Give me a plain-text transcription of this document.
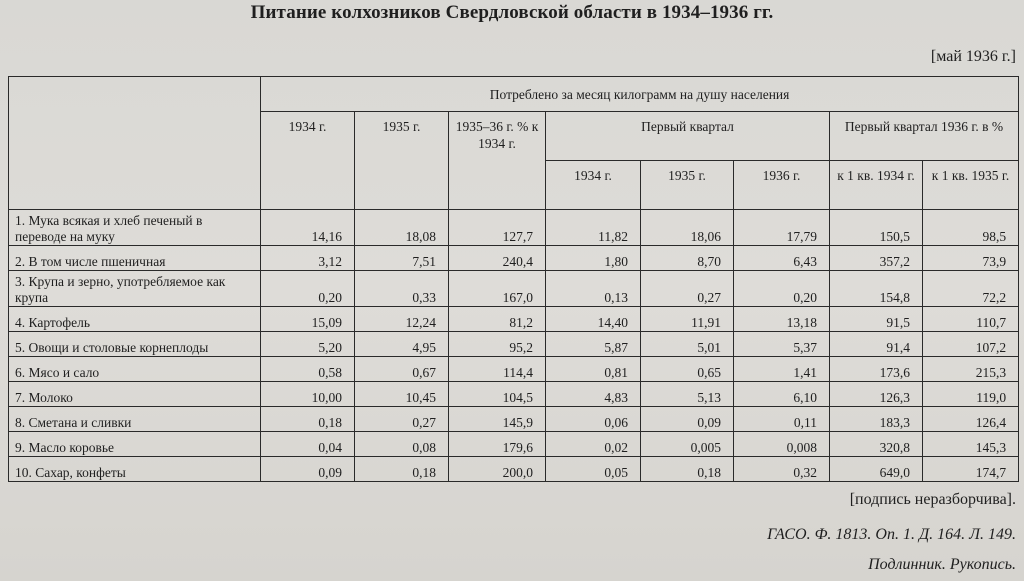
Питание колхозников Свердловской области в 1934–1936 гг.
[май 1936 г.]
	Потреблено за месяц килограмм на душу населения							
	1934 г.	1935 г.	1935–36 г. % к 1934 г.	Первый квартал			Первый квартал 1936 г. в %	
				1934 г.	1935 г.	1936 г.	к 1 кв. 1934 г.	к 1 кв. 1935 г.
1. Мука всякая и хлеб печеный в переводе на муку	14,16	18,08	127,7	11,82	18,06	17,79	150,5	98,5
2. В том числе пшеничная	3,12	7,51	240,4	1,80	8,70	6,43	357,2	73,9
3. Крупа и зерно, употребляемое как крупа	0,20	0,33	167,0	0,13	0,27	0,20	154,8	72,2
4. Картофель	15,09	12,24	81,2	14,40	11,91	13,18	91,5	110,7
5. Овощи и столовые корнеплоды	5,20	4,95	95,2	5,87	5,01	5,37	91,4	107,2
6. Мясо и сало	0,58	0,67	114,4	0,81	0,65	1,41	173,6	215,3
7. Молоко	10,00	10,45	104,5	4,83	5,13	6,10	126,3	119,0
8. Сметана и сливки	0,18	0,27	145,9	0,06	0,09	0,11	183,3	126,4
9. Масло коровье	0,04	0,08	179,6	0,02	0,005	0,008	320,8	145,3
10. Сахар, конфеты	0,09	0,18	200,0	0,05	0,18	0,32	649,0	174,7
[подпись неразборчива].
ГАСО. Ф. 1813. Оп. 1. Д. 164. Л. 149.
Подлинник. Рукопись.
